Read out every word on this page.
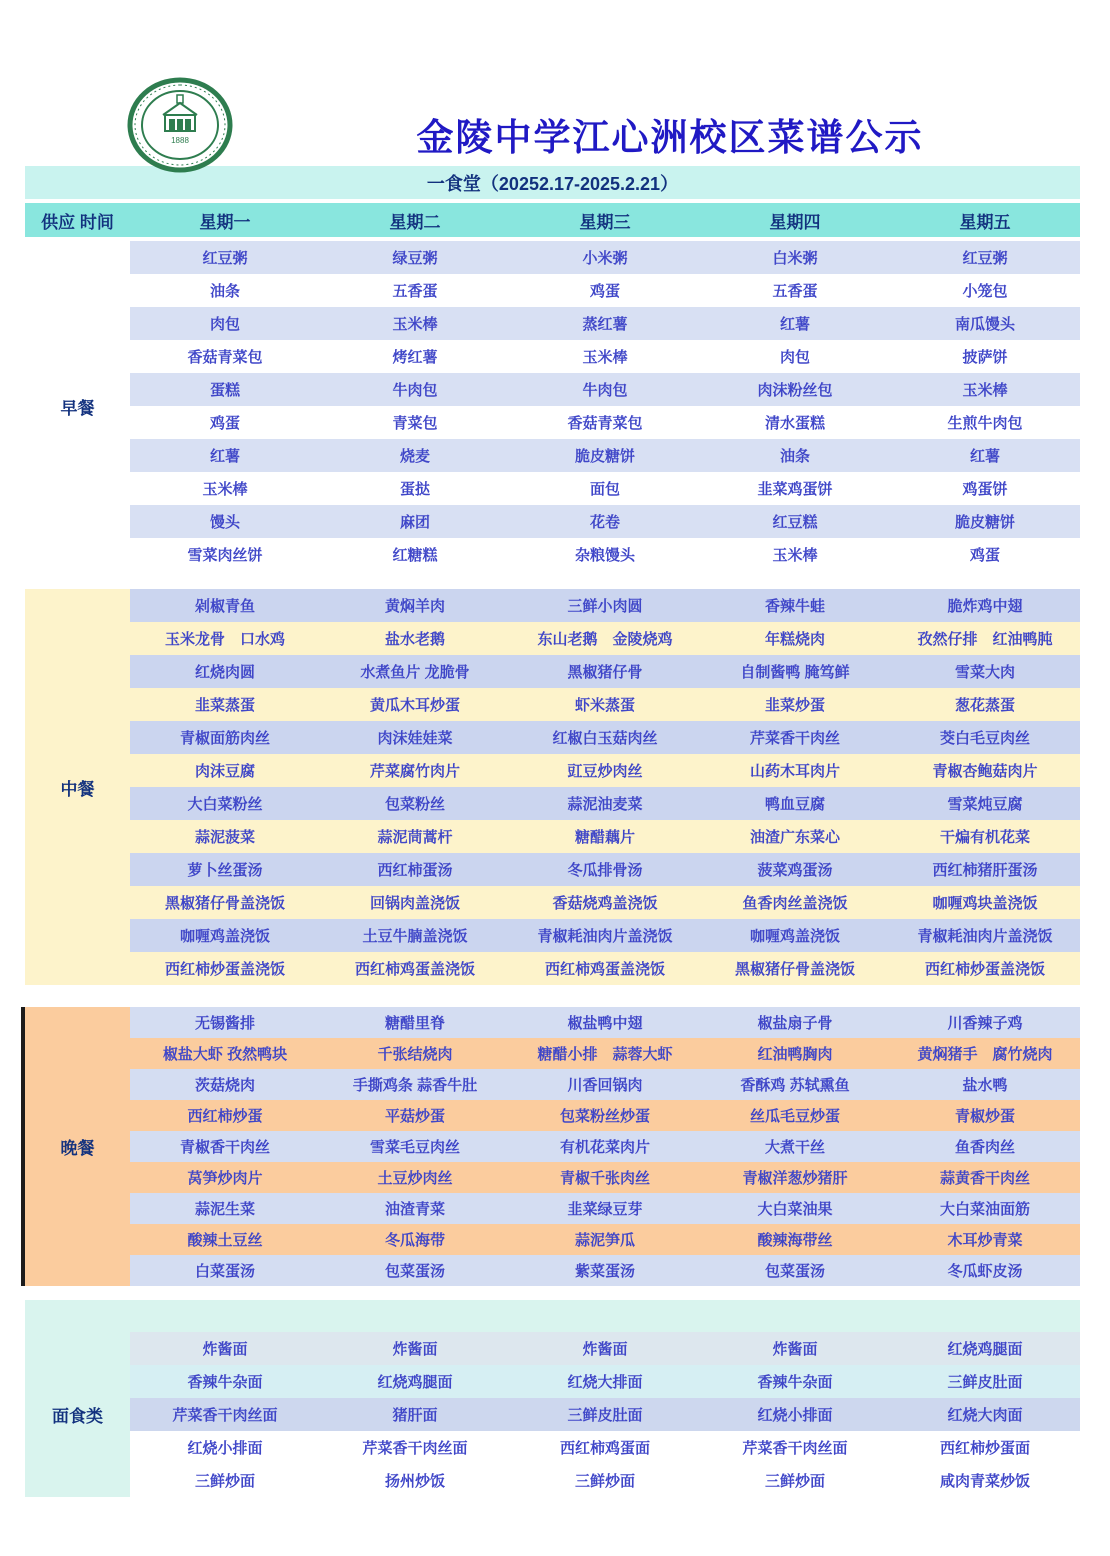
1888	金陵中学江心洲校区菜谱公示
一食堂（20252.17-2025.2.21）
供应 时间	星期一	星期二	星期三	星期四	星期五
早餐
红豆粥	绿豆粥	小米粥	白米粥	红豆粥
油条	五香蛋	鸡蛋	五香蛋	小笼包
肉包	玉米棒	蒸红薯	红薯	南瓜馒头
香菇青菜包	烤红薯	玉米棒	肉包	披萨饼
蛋糕	牛肉包	牛肉包	肉沫粉丝包	玉米棒
鸡蛋	青菜包	香菇青菜包	清水蛋糕	生煎牛肉包
红薯	烧麦	脆皮糖饼	油条	红薯
玉米棒	蛋挞	面包	韭菜鸡蛋饼	鸡蛋饼
馒头	麻团	花卷	红豆糕	脆皮糖饼
雪菜肉丝饼	红糖糕	杂粮馒头	玉米棒	鸡蛋
中餐
剁椒青鱼	黄焖羊肉	三鲜小肉圆	香辣牛蛙	脆炸鸡中翅
玉米龙骨　口水鸡	盐水老鹅	东山老鹅　金陵烧鸡	年糕烧肉	孜然仔排　红油鸭肫
红烧肉圆	水煮鱼片 龙脆骨	黑椒猪仔骨	自制酱鸭 腌笃鲜	雪菜大肉
韭菜蒸蛋	黄瓜木耳炒蛋	虾米蒸蛋	韭菜炒蛋	葱花蒸蛋
青椒面筋肉丝	肉沫娃娃菜	红椒白玉菇肉丝	芹菜香干肉丝	茭白毛豆肉丝
肉沫豆腐	芹菜腐竹肉片	豇豆炒肉丝	山药木耳肉片	青椒杏鲍菇肉片
大白菜粉丝	包菜粉丝	蒜泥油麦菜	鸭血豆腐	雪菜炖豆腐
蒜泥菠菜	蒜泥茼蒿杆	糖醋藕片	油渣广东菜心	干煸有机花菜
萝卜丝蛋汤	西红柿蛋汤	冬瓜排骨汤	菠菜鸡蛋汤	西红柿猪肝蛋汤
黑椒猪仔骨盖浇饭	回锅肉盖浇饭	香菇烧鸡盖浇饭	鱼香肉丝盖浇饭	咖喱鸡块盖浇饭
咖喱鸡盖浇饭	土豆牛腩盖浇饭	青椒耗油肉片盖浇饭	咖喱鸡盖浇饭	青椒耗油肉片盖浇饭
西红柿炒蛋盖浇饭	西红柿鸡蛋盖浇饭	西红柿鸡蛋盖浇饭	黑椒猪仔骨盖浇饭	西红柿炒蛋盖浇饭
晚餐
无锡酱排	糖醋里脊	椒盐鸭中翅	椒盐扇子骨	川香辣子鸡
椒盐大虾 孜然鸭块	千张结烧肉	糖醋小排　蒜蓉大虾	红油鸭胸肉	黄焖猪手　腐竹烧肉
茨菇烧肉	手撕鸡条 蒜香牛肚	川香回锅肉	香酥鸡 苏轼熏鱼	盐水鸭
西红柿炒蛋	平菇炒蛋	包菜粉丝炒蛋	丝瓜毛豆炒蛋	青椒炒蛋
青椒香干肉丝	雪菜毛豆肉丝	有机花菜肉片	大煮干丝	鱼香肉丝
莴笋炒肉片	土豆炒肉丝	青椒千张肉丝	青椒洋葱炒猪肝	蒜黄香干肉丝
蒜泥生菜	油渣青菜	韭菜绿豆芽	大白菜油果	大白菜油面筋
酸辣土豆丝	冬瓜海带	蒜泥笋瓜	酸辣海带丝	木耳炒青菜
白菜蛋汤	包菜蛋汤	紫菜蛋汤	包菜蛋汤	冬瓜虾皮汤
面食类
炸酱面	炸酱面	炸酱面	炸酱面	红烧鸡腿面
香辣牛杂面	红烧鸡腿面	红烧大排面	香辣牛杂面	三鲜皮肚面
芹菜香干肉丝面	猪肝面	三鲜皮肚面	红烧小排面	红烧大肉面
红烧小排面	芹菜香干肉丝面	西红柿鸡蛋面	芹菜香干肉丝面	西红柿炒蛋面
三鲜炒面	扬州炒饭	三鲜炒面	三鲜炒面	咸肉青菜炒饭
